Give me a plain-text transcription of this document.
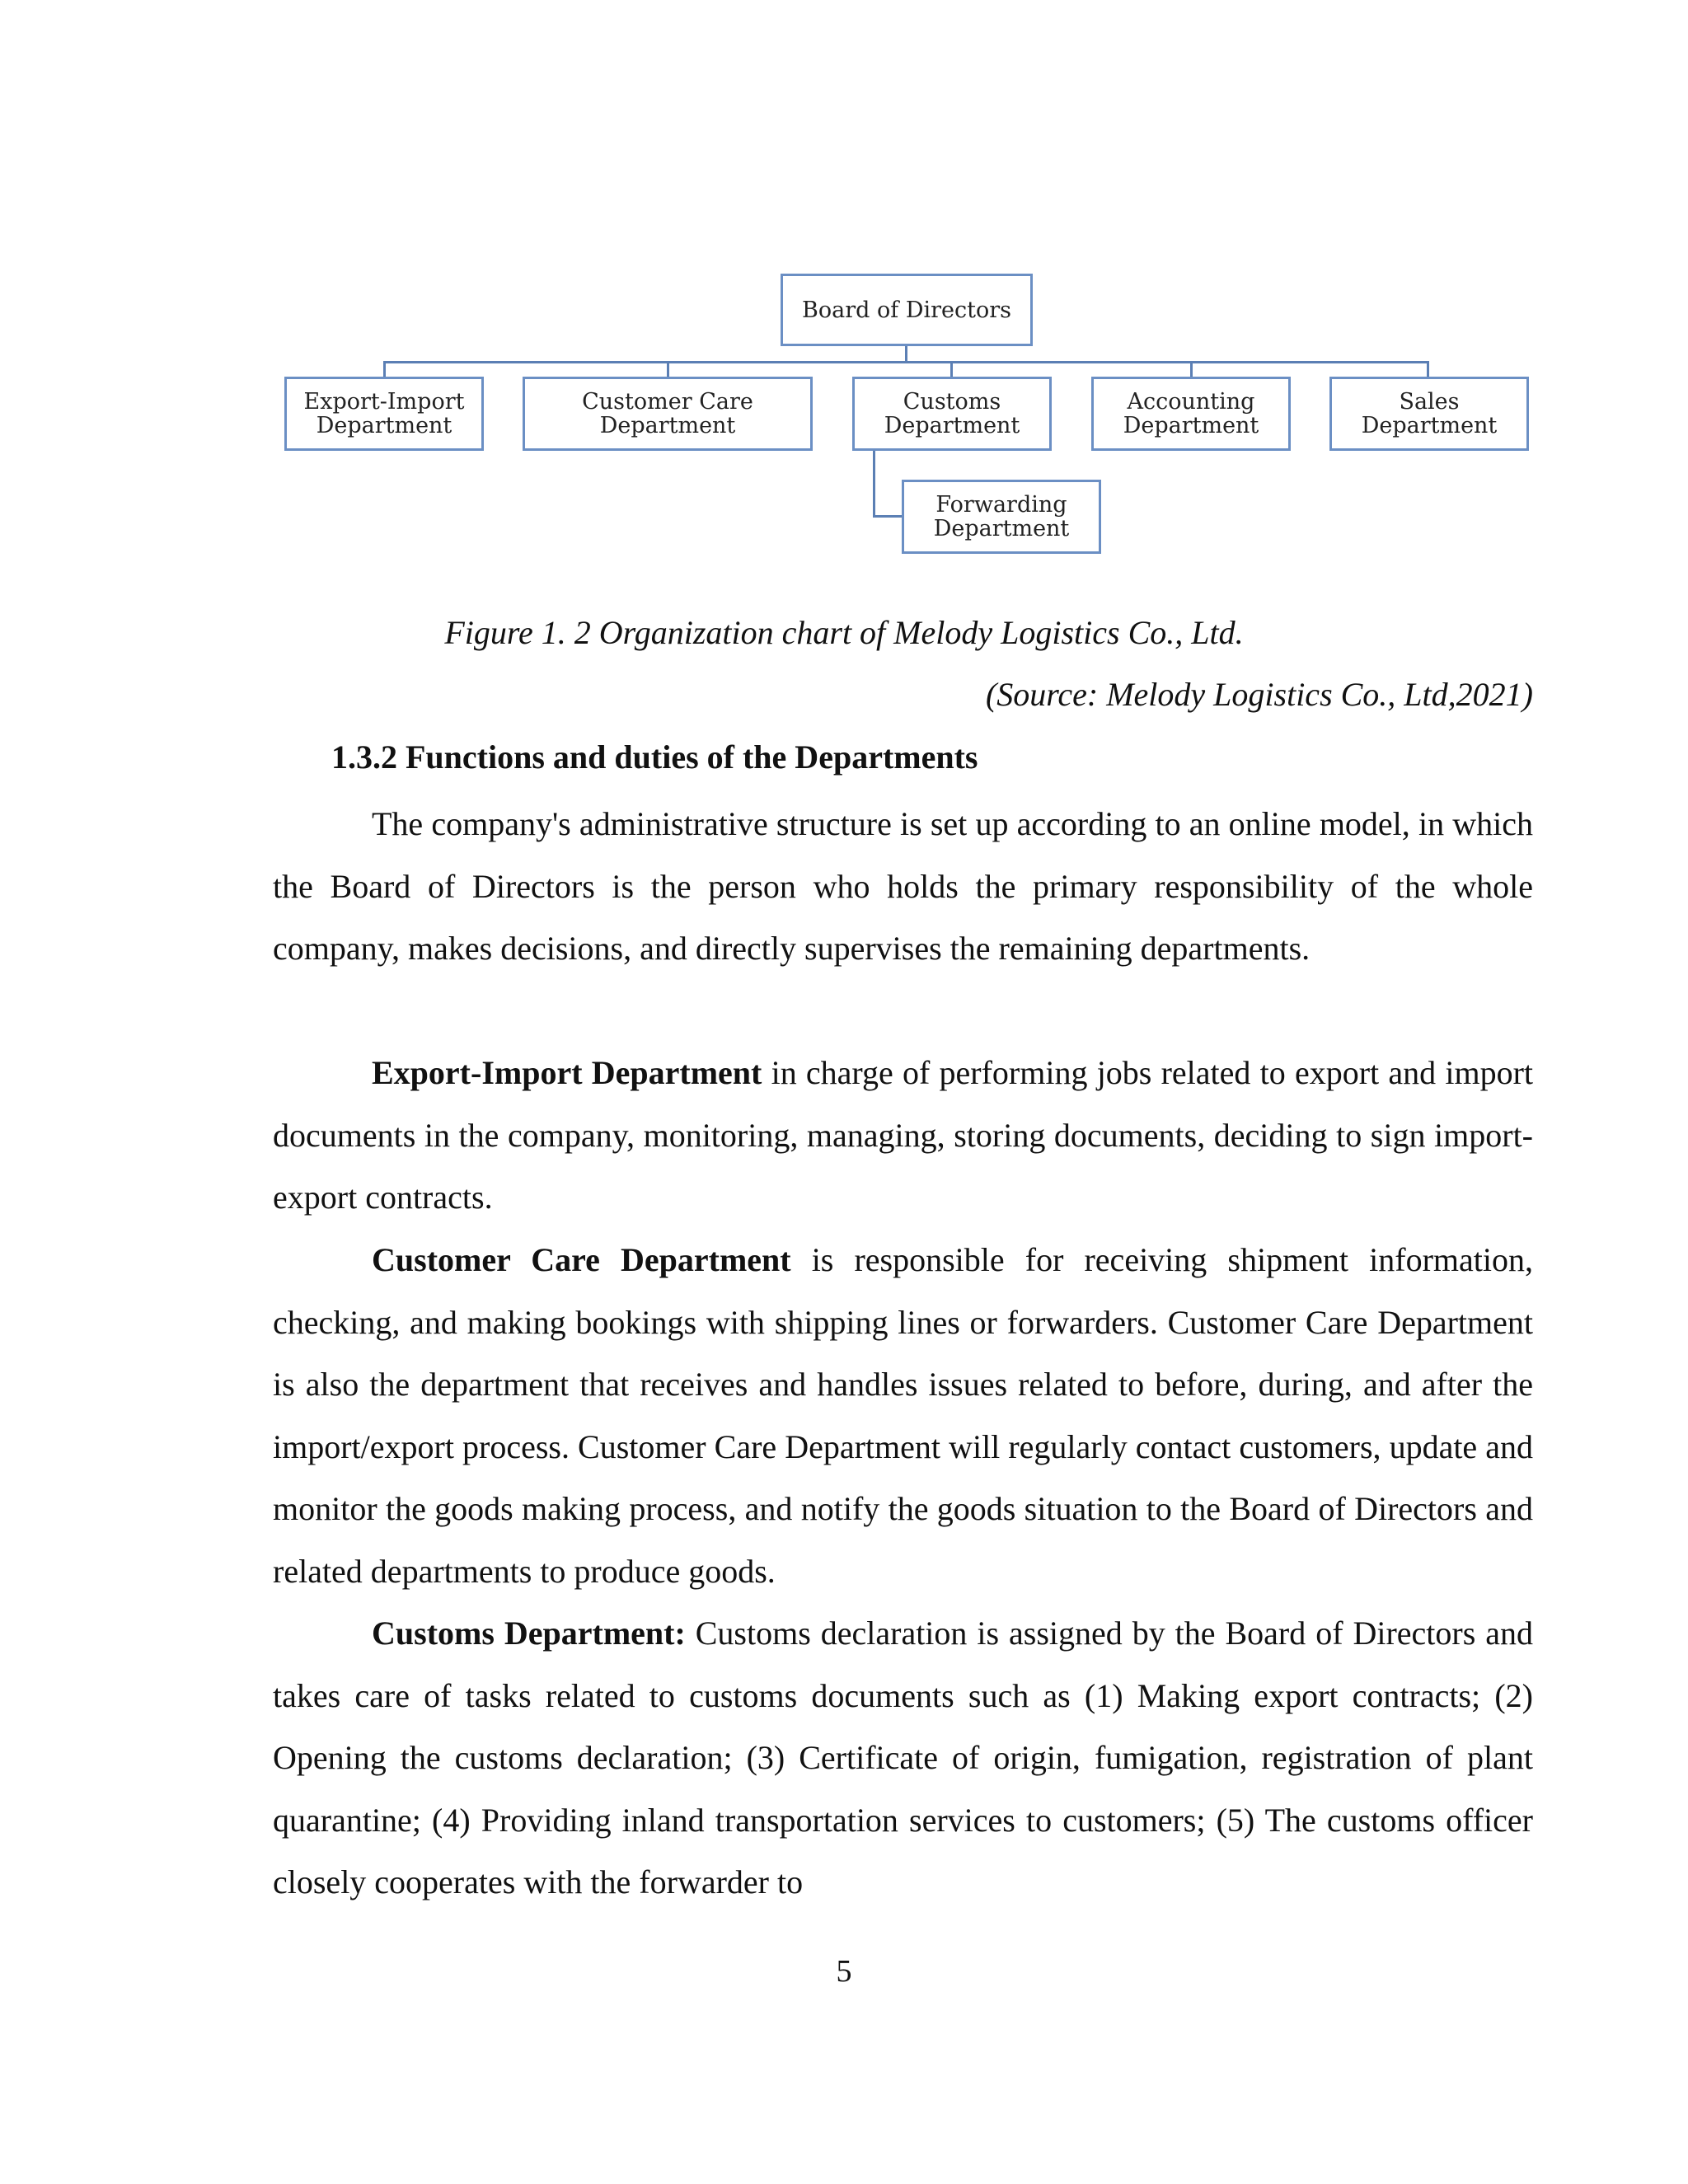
Board of Directors
Export-Import
Department
Customer Care
Department
Customs
Department
Accounting
Department
Sales
Department
Forwarding
Department
Figure 1. 2 Organization chart of Melody Logistics Co., Ltd.
(Source: Melody Logistics Co., Ltd,2021)
1.3.2 Functions and duties of the Departments

The company's administrative structure is set up according to an online model, in which the Board of Directors is the person who holds the primary responsibility of the whole company, makes decisions, and directly supervises the remaining departments.

Export-Import Department in charge of performing jobs related to export and import documents in the company, monitoring, managing, storing documents, deciding to sign import-export contracts.

Customer Care Department is responsible for receiving shipment information, checking, and making bookings with shipping lines or forwarders. Customer Care Department is also the department that receives and handles issues related to before, during, and after the import/export process. Customer Care Department will regularly contact customers, update and monitor the goods making process, and notify the goods situation to the Board of Directors and related departments to produce goods.

Customs Department: Customs declaration is assigned by the Board of Directors and takes care of tasks related to customs documents such as (1) Making export contracts; (2) Opening the customs declaration; (3) Certificate of origin, fumigation, registration of plant quarantine; (4) Providing inland transportation services to customers; (5) The customs officer closely cooperates with the forwarder to

5
